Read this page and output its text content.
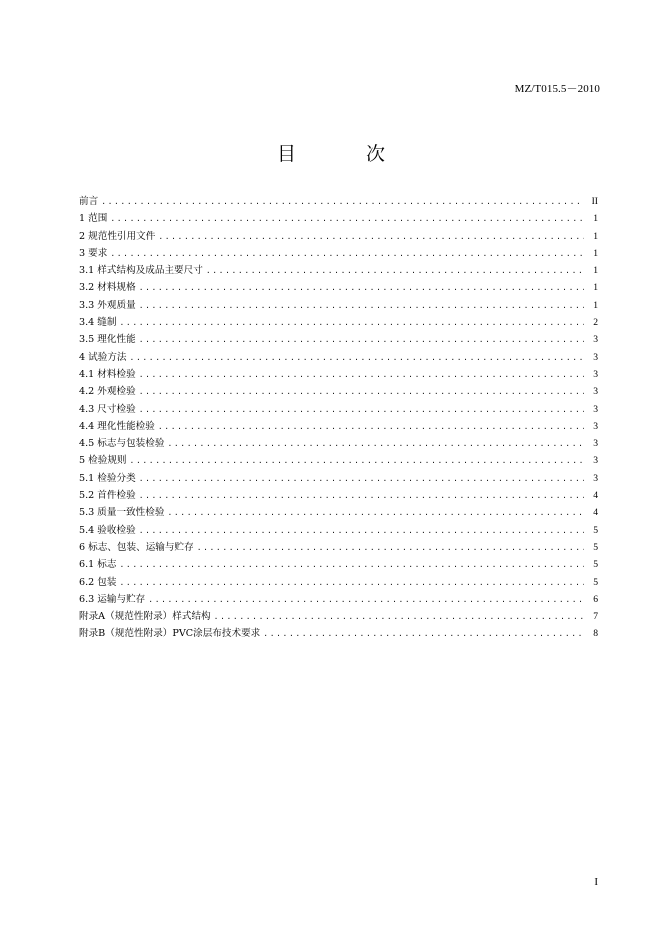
MZ/T015.5－2010
目 次
前言 .....	II
1 范围 .....	1
2 规范性引用文件 .....	1
3 要求 .....	1
3.1 样式结构及成品主要尺寸 .....	1
3.2 材料规格 .....	1
3.3 外观质量 .....	1
3.4 缝制 .....	2
3.5 理化性能 .....	3
4 试验方法 .....	3
4.1 材料检验 .....	3
4.2 外观检验 .....	3
4.3 尺寸检验 .....	3
4.4 理化性能检验 .....	3
4.5 标志与包装检验 .....	3
5 检验规则 .....	3
5.1 检验分类 .....	3
5.2 首件检验 .....	4
5.3 质量一致性检验 .....	4
5.4 验收检验 .....	5
6 标志、包装、运输与贮存 .....	5
6.1 标志 .....	5
6.2 包装 .....	5
6.3 运输与贮存 .....	6
附录A（规范性附录）样式结构 .....	7
附录B（规范性附录）PVC涂层布技术要求 .....	8
I
